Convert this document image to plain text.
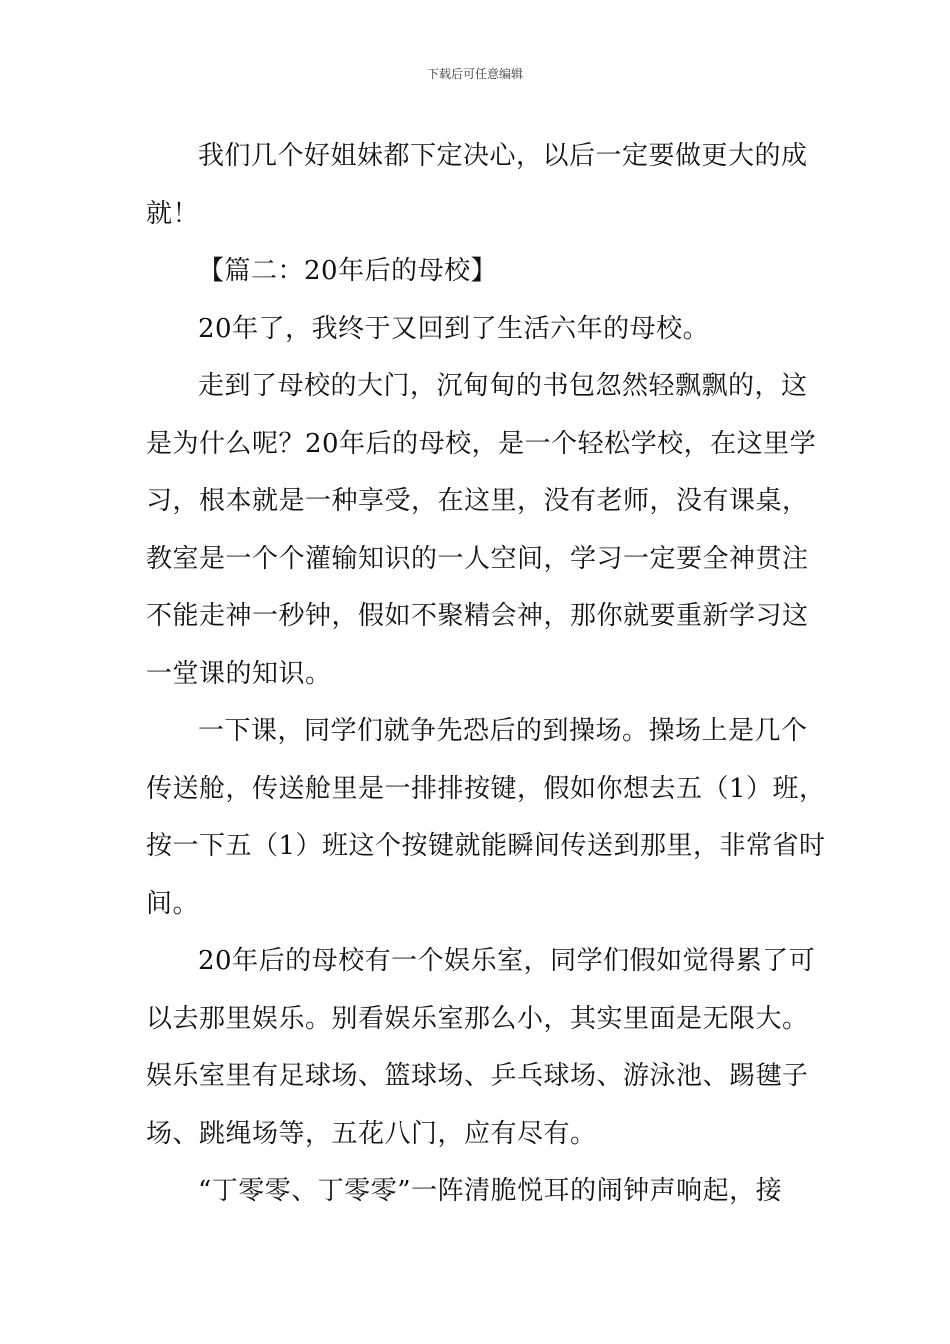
下载后可任意编辑
我们几个好姐妹都下定决心，以后一定要做更大的成
就！
【篇二：20年后的母校】
20年了，我终于又回到了生活六年的母校。
走到了母校的大门，沉甸甸的书包忽然轻飘飘的，这
是为什么呢？20年后的母校，是一个轻松学校，在这里学
习，根本就是一种享受，在这里，没有老师，没有课桌，
教室是一个个灌输知识的一人空间，学习一定要全神贯注
不能走神一秒钟，假如不聚精会神，那你就要重新学习这
一堂课的知识。
一下课，同学们就争先恐后的到操场。操场上是几个
传送舱，传送舱里是一排排按键，假如你想去五（1）班，
按一下五（1）班这个按键就能瞬间传送到那里，非常省时
间。
20年后的母校有一个娱乐室，同学们假如觉得累了可
以去那里娱乐。别看娱乐室那么小，其实里面是无限大。
娱乐室里有足球场、篮球场、乒乓球场、游泳池、踢毽子
场、跳绳场等，五花八门，应有尽有。
“丁零零、丁零零”一阵清脆悦耳的闹钟声响起，接
